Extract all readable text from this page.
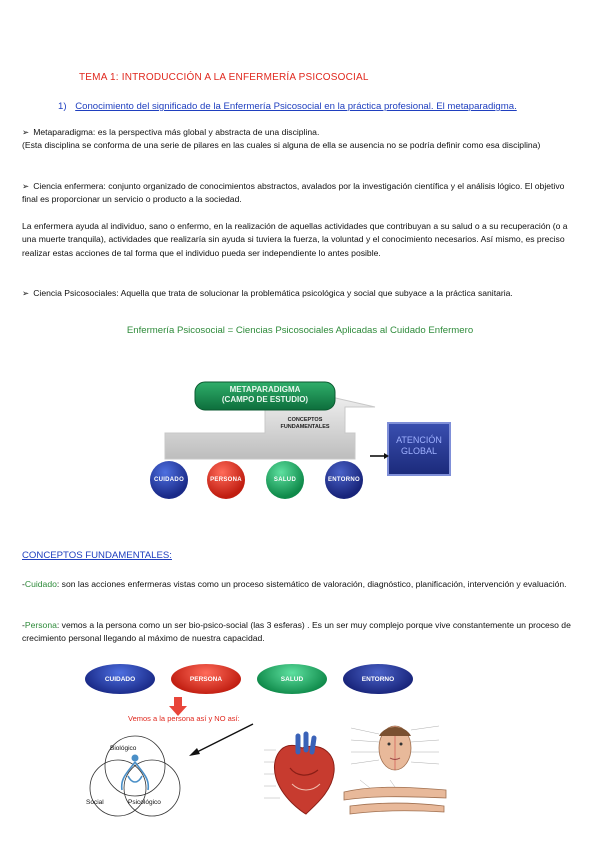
TEMA 1: INTRODUCCIÓN A LA ENFERMERÍA PSICOSOCIAL
1) Conocimiento del significado de la Enfermería Psicosocial en la práctica profesional. El metaparadigma.
➢ Metaparadigma: es la perspectiva más global y abstracta de una disciplina.
(Esta disciplina se conforma de una serie de pilares en las cuales si alguna de ella se ausencia no se podría definir como esa disciplina)
➢ Ciencia enfermera: conjunto organizado de conocimientos abstractos, avalados por la investigación científica y el análisis lógico. El objetivo final es proporcionar un servicio o producto a la sociedad.
La enfermera ayuda al individuo, sano o enfermo, en la realización de aquellas actividades que contribuyan a su salud o a su recuperación (o a una muerte tranquila), actividades que realizaría sin ayuda si tuviera la fuerza, la voluntad y el conocimiento necesarios. Así mismo, es preciso realizar estas acciones de tal forma que el individuo pueda ser independiente lo antes posible.
➢ Ciencia Psicosociales: Aquella que trata de solucionar la problemática psicológica y social que subyace a la práctica sanitaria.
Enfermería Psicosocial = Ciencias Psicosociales Aplicadas al Cuidado Enfermero
METAPARADIGMA
(CAMPO DE ESTUDIO)
CONCEPTOS
FUNDAMENTALES
CUIDADO	PERSONA	SALUD	ENTORNO
ATENCIÓN
GLOBAL
CONCEPTOS FUNDAMENTALES:
-Cuidado: son las acciones enfermeras vistas como un proceso sistemático de valoración, diagnóstico, planificación, intervención y evaluación.
-Persona: vemos a la persona como un ser bio-psico-social (las 3 esferas) . Es un ser muy complejo porque vive constantemente un proceso de crecimiento personal llegando al máximo de nuestra capacidad.
CUIDADO	PERSONA	SALUD	ENTORNO
Vemos a la persona así y NO así:
Biológico
Social	Psicológico
